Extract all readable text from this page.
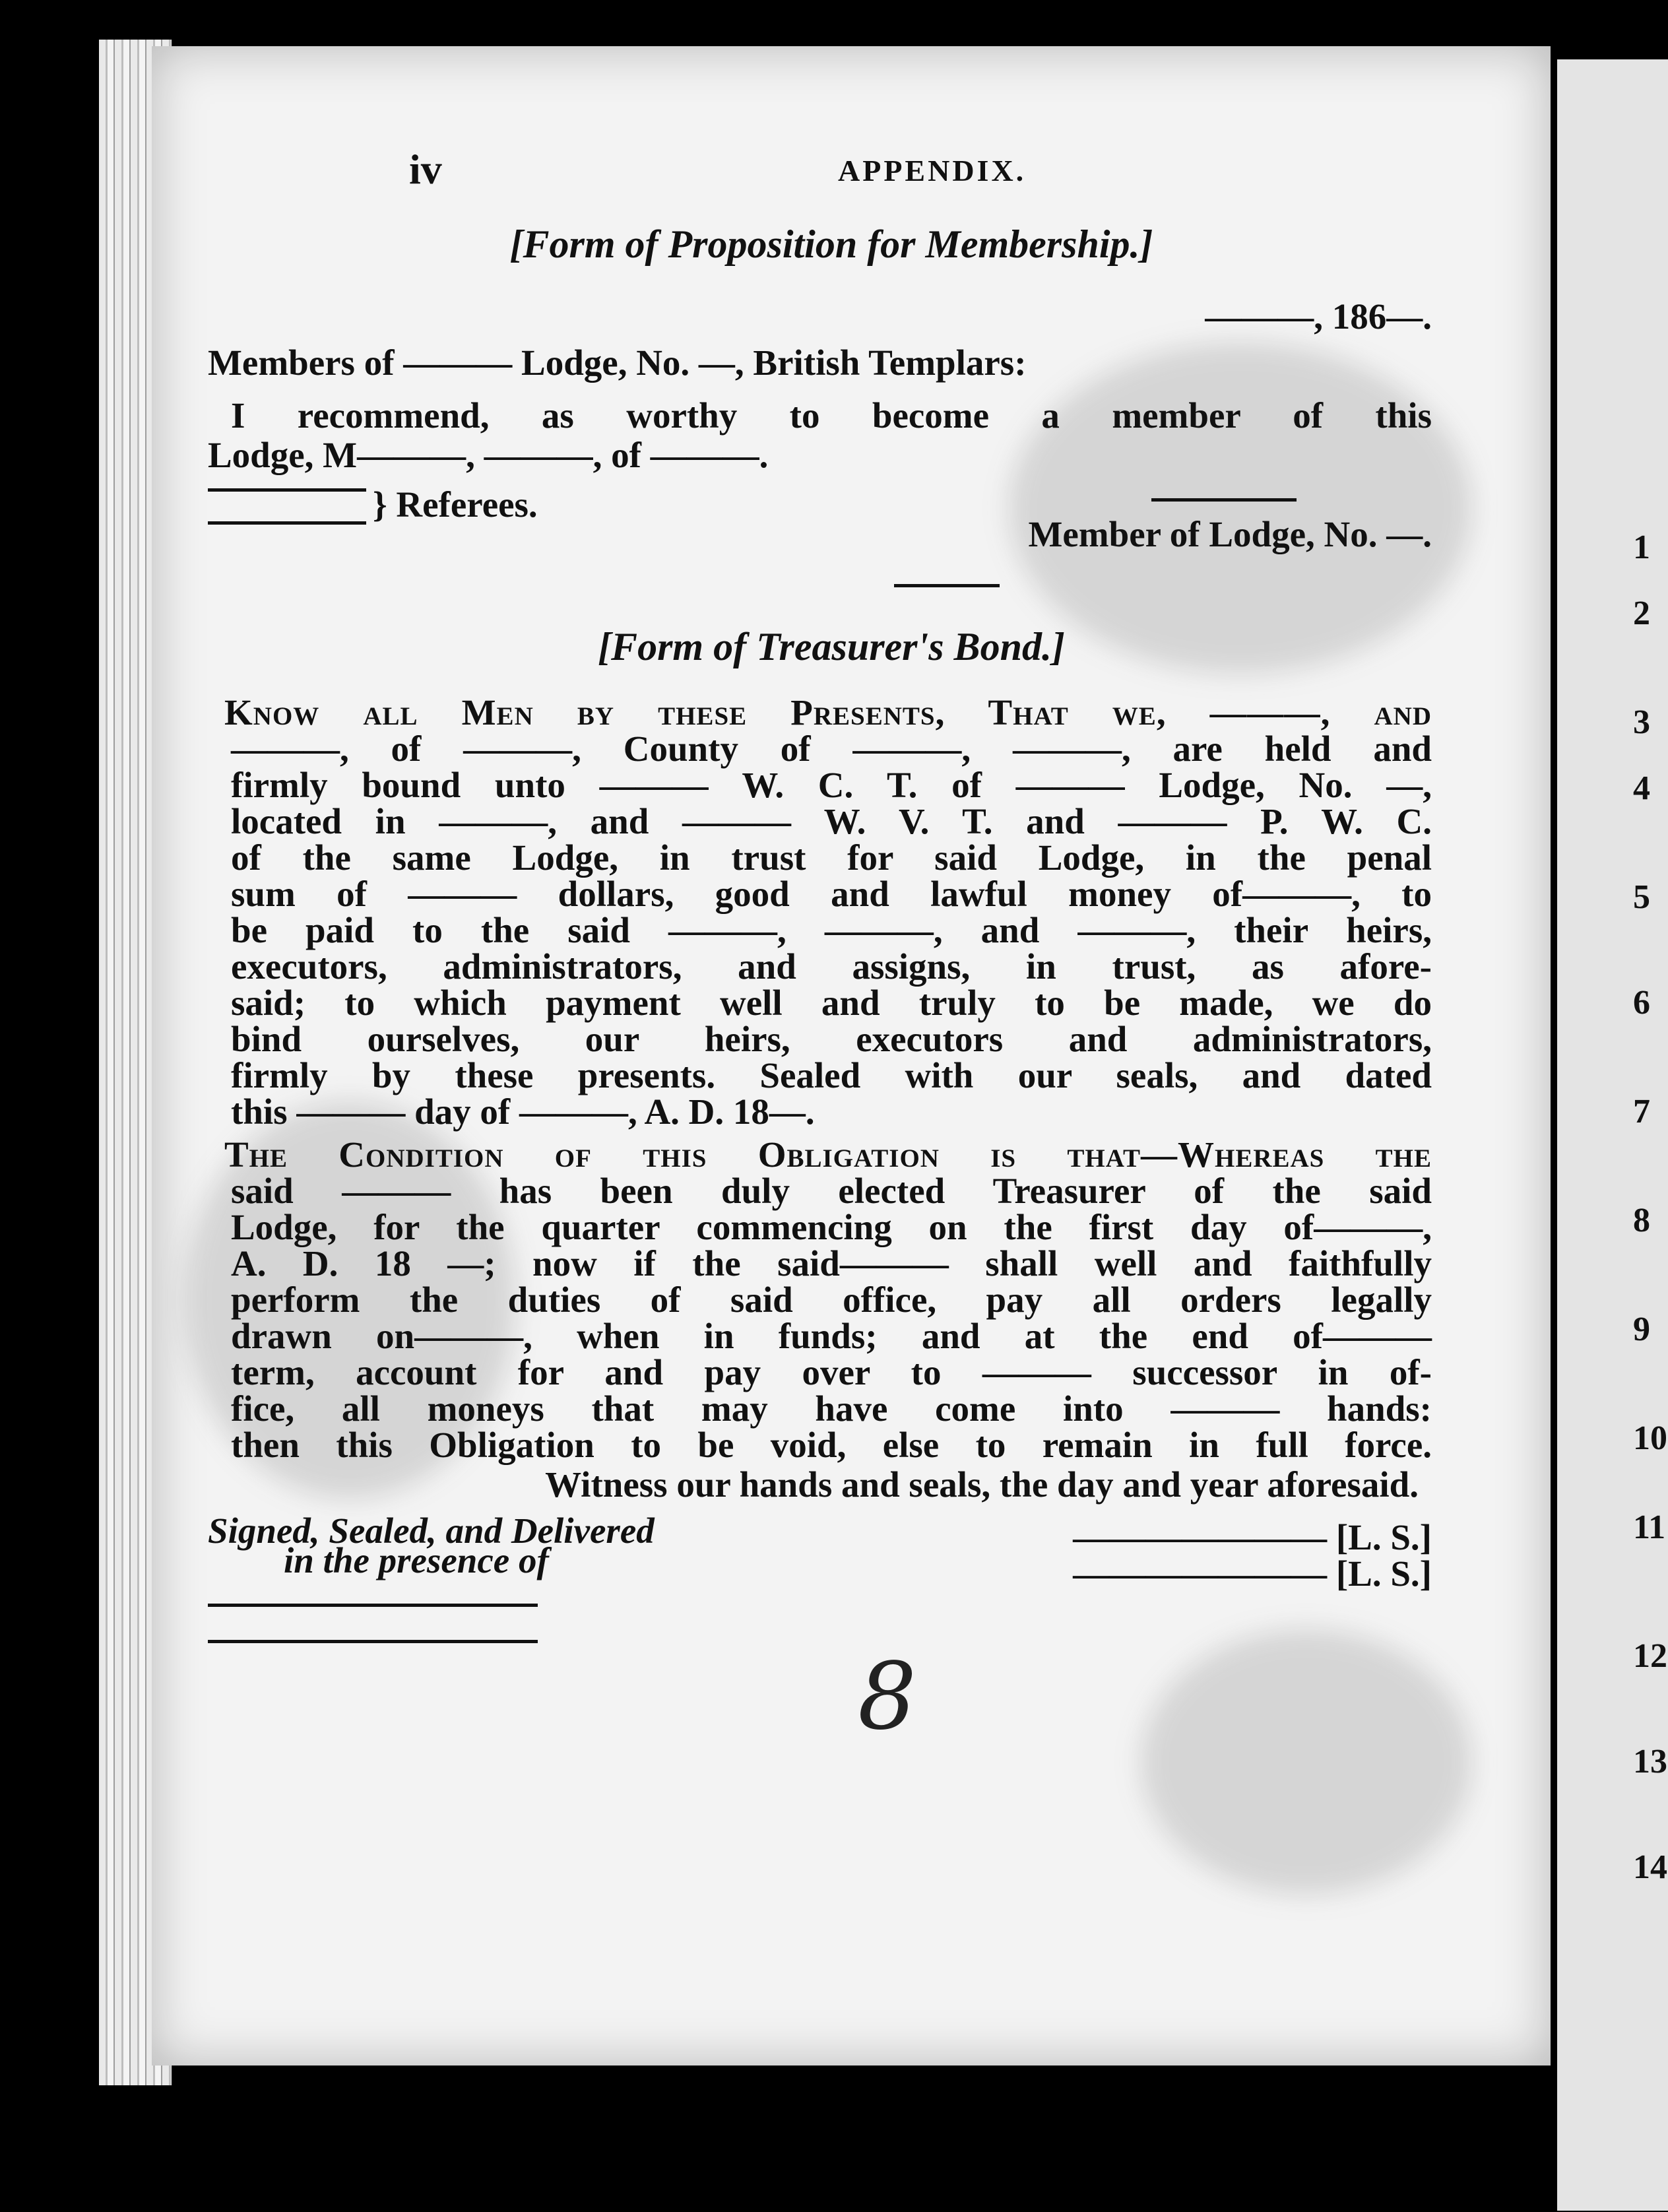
1
2
3
4
5
6
7
8
9
10
11
12
13
14
iv	APPENDIX.
[Form of Proposition for Membership.]
———, 186—.
Members of ——— Lodge, No. —, British Templars:
I recommend, as worthy to become a member of this
Lodge, M———, ———, of ———.
} Referees.
Member of Lodge, No. —.
[Form of Treasurer's Bond.]
Know all Men by these Presents, That we, ———, and
———, of ———, County of ———, ———, are held and
firmly bound unto ——— W. C. T. of ——— Lodge, No. —,
located in ———, and ——— W. V. T. and ——— P. W. C.
of the same Lodge, in trust for said Lodge, in the penal
sum of ——— dollars, good and lawful money of———, to
be paid to the said ———, ———, and ———, their heirs,
executors, administrators, and assigns, in trust, as afore-
said; to which payment well and truly to be made, we do
bind ourselves, our heirs, executors and administrators,
firmly by these presents. Sealed with our seals, and dated
this ——— day of ———, A. D. 18—.
The Condition of this Obligation is that—Whereas the
said ——— has been duly elected Treasurer of the said
Lodge, for the quarter commencing on the first day of———,
A. D. 18 —; now if the said——— shall well and faithfully
perform the duties of said office, pay all orders legally
drawn on———, when in funds; and at the end of———
term, account for and pay over to ——— successor in of-
fice, all moneys that may have come into ——— hands:
then this Obligation to be void, else to remain in full force.
Witness our hands and seals, the day and year aforesaid.
Signed, Sealed, and Delivered
in the presence of
——————— [L. S.]
——————— [L. S.]
8
